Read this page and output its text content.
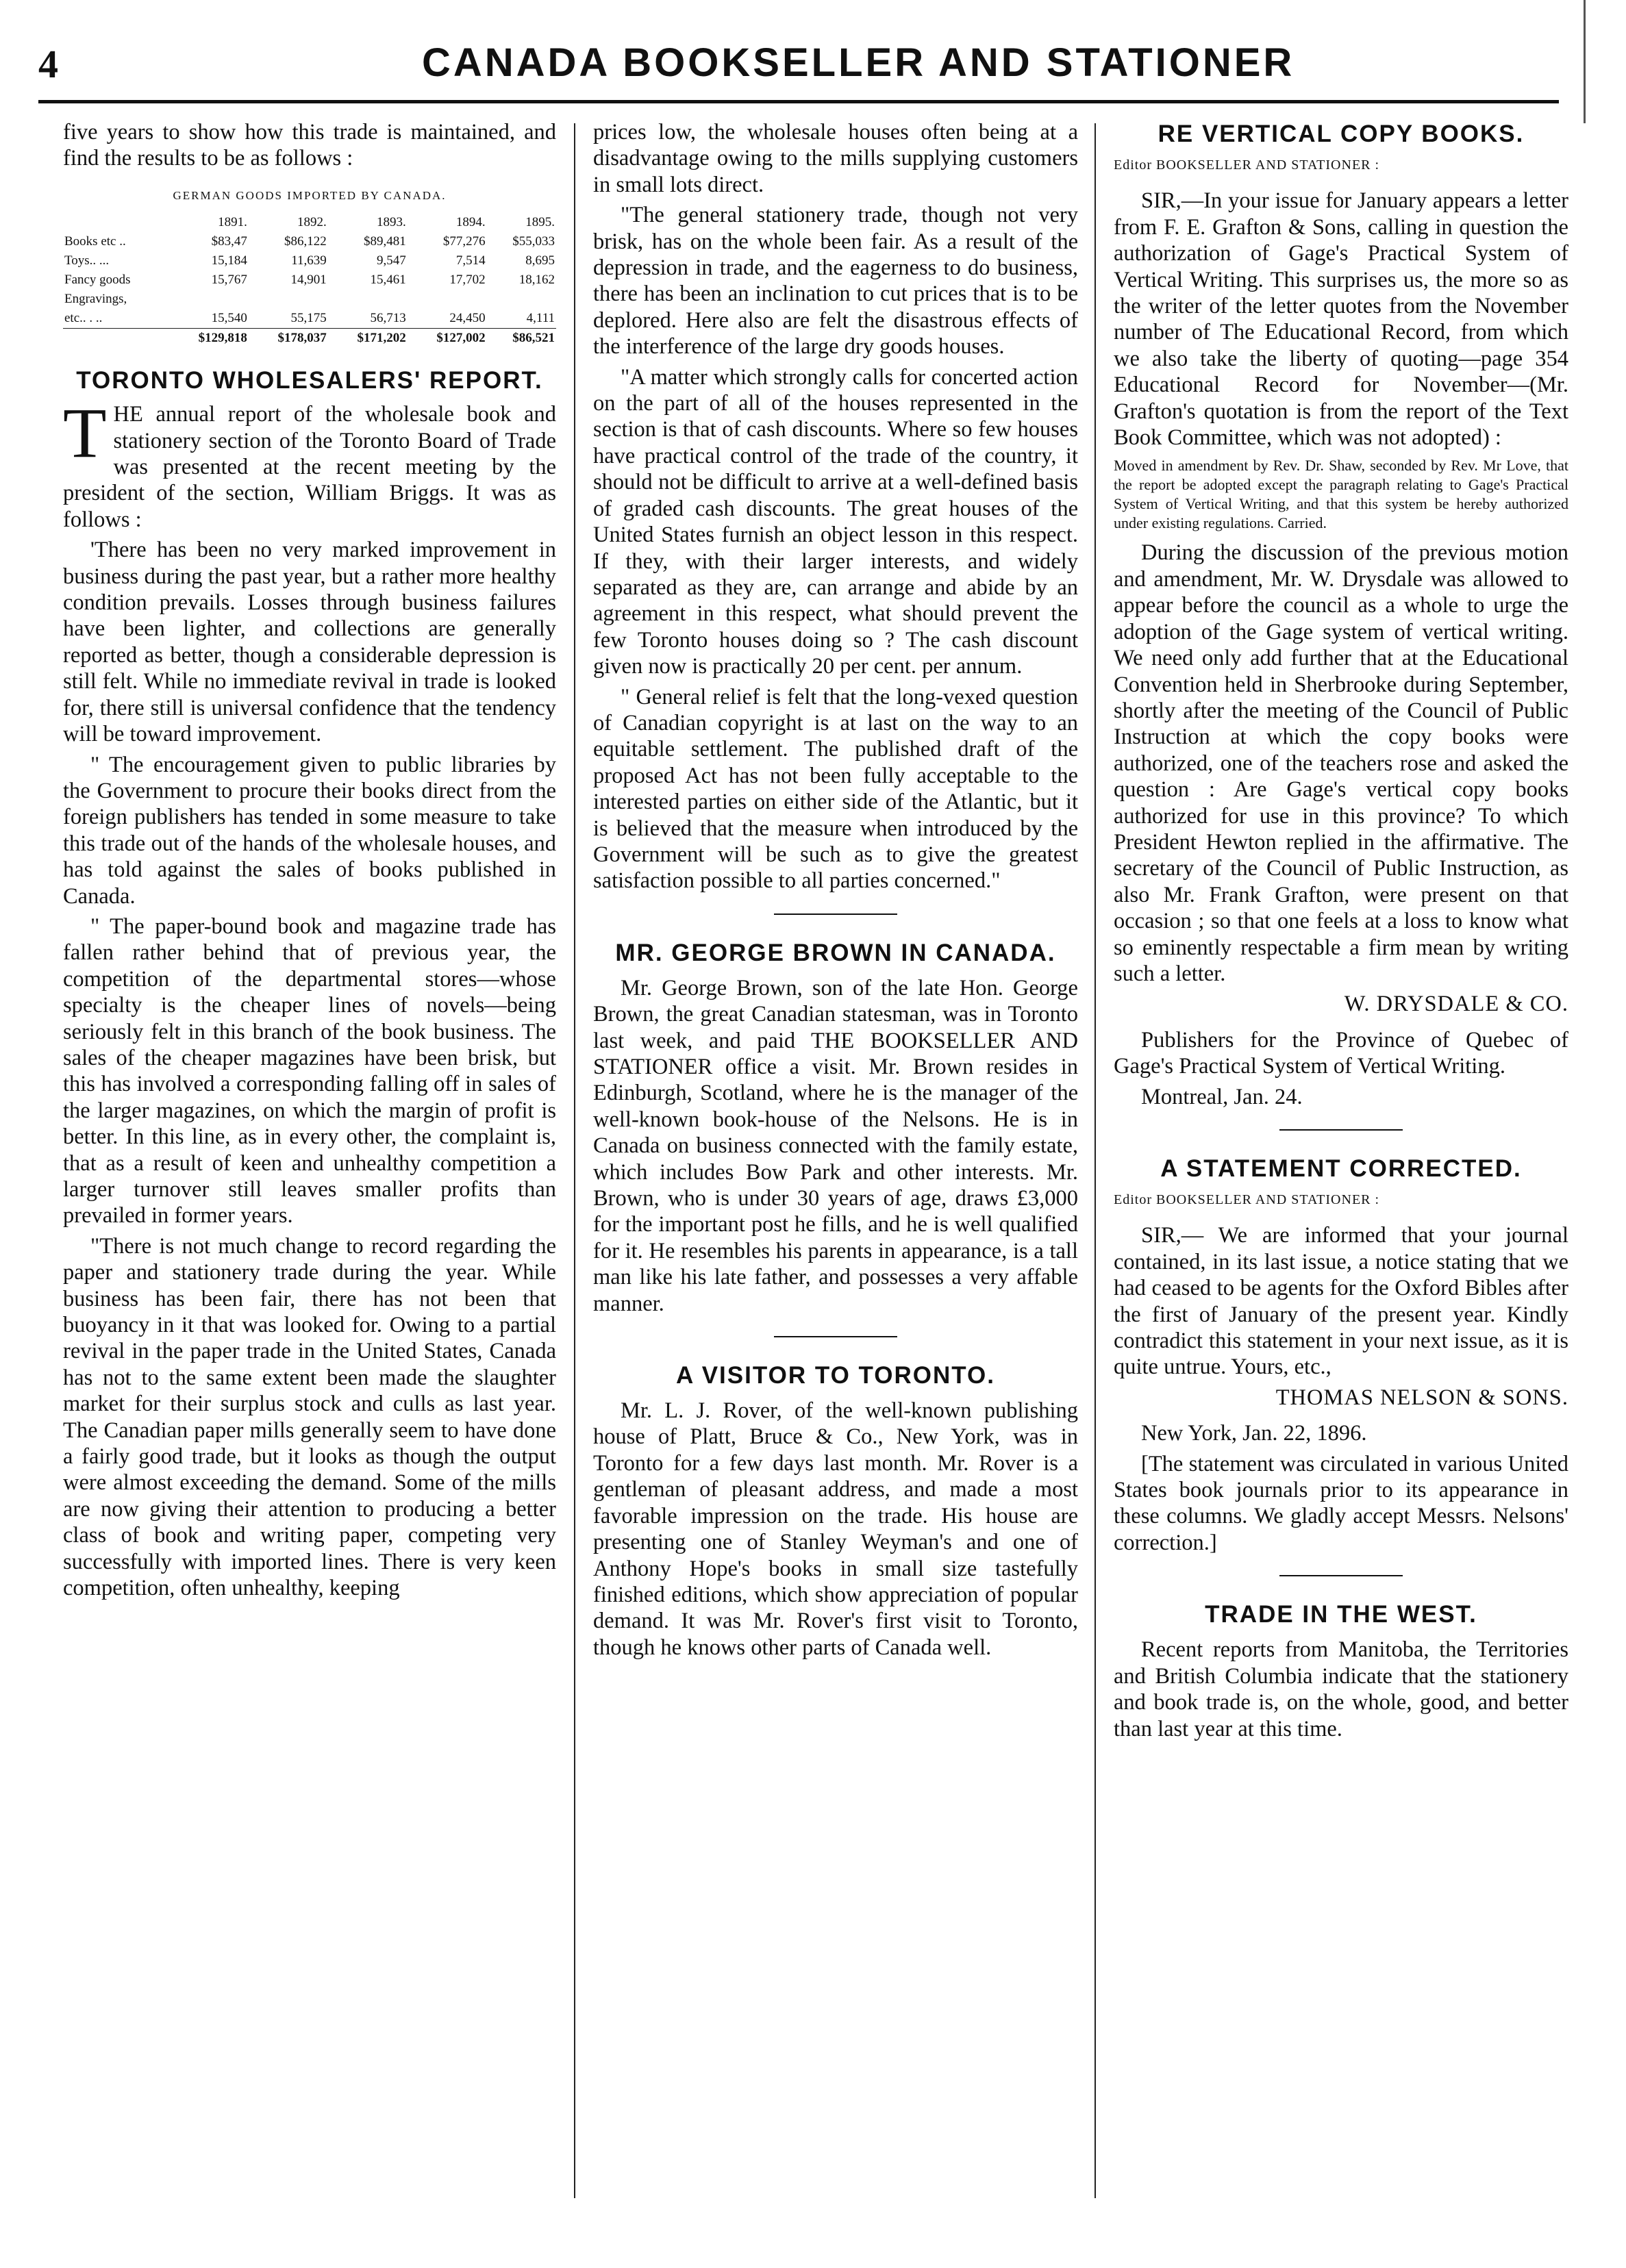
4	CANADA BOOKSELLER AND STATIONER

five years to show how this trade is maintained, and find the results to be as follows :

GERMAN GOODS IMPORTED BY CANADA.
	1891.	1892.	1893.	1894.	1895.
Books etc ..	$83,47	$86,122	$89,481	$77,276	$55,033
Toys.. ...	15,184	11,639	9,547	7,514	8,695
Fancy goods	15,767	14,901	15,461	17,702	18,162
Engravings,					
etc.. . ..	15,540	55,175	56,713	24,450	4,111
	$129,818	$178,037	$171,202	$127,002	$86,521
TORONTO WHOLESALERS' REPORT.

THE annual report of the wholesale book and stationery section of the Toronto Board of Trade was presented at the recent meeting by the president of the section, William Briggs. It was as follows :

'There has been no very marked improvement in business during the past year, but a rather more healthy condition prevails. Losses through business failures have been lighter, and collections are generally reported as better, though a considerable depression is still felt. While no immediate revival in trade is looked for, there still is universal confidence that the tendency will be toward improvement.

" The encouragement given to public libraries by the Government to procure their books direct from the foreign publishers has tended in some measure to take this trade out of the hands of the wholesale houses, and has told against the sales of books published in Canada.

" The paper-bound book and magazine trade has fallen rather behind that of previous year, the competition of the departmental stores—whose specialty is the cheaper lines of novels—being seriously felt in this branch of the book business. The sales of the cheaper magazines have been brisk, but this has involved a corresponding falling off in sales of the larger magazines, on which the margin of profit is better. In this line, as in every other, the complaint is, that as a result of keen and unhealthy competition a larger turnover still leaves smaller profits than prevailed in former years.

"There is not much change to record regarding the paper and stationery trade during the year. While business has been fair, there has not been that buoyancy in it that was looked for. Owing to a partial revival in the paper trade in the United States, Canada has not to the same extent been made the slaughter market for their surplus stock and culls as last year. The Canadian paper mills generally seem to have done a fairly good trade, but it looks as though the output were almost exceeding the demand. Some of the mills are now giving their attention to producing a better class of book and writing paper, competing very successfully with imported lines. There is very keen competition, often unhealthy, keeping

prices low, the wholesale houses often being at a disadvantage owing to the mills supplying customers in small lots direct.

"The general stationery trade, though not very brisk, has on the whole been fair. As a result of the depression in trade, and the eagerness to do business, there has been an inclination to cut prices that is to be deplored. Here also are felt the disastrous effects of the interference of the large dry goods houses.

"A matter which strongly calls for concerted action on the part of all of the houses represented in the section is that of cash discounts. Where so few houses have practical control of the trade of the country, it should not be difficult to arrive at a well-defined basis of graded cash discounts. The great houses of the United States furnish an object lesson in this respect. If they, with their larger interests, and widely separated as they are, can arrange and abide by an agreement in this respect, what should prevent the few Toronto houses doing so ? The cash discount given now is practically 20 per cent. per annum.

" General relief is felt that the long-vexed question of Canadian copyright is at last on the way to an equitable settlement. The published draft of the proposed Act has not been fully acceptable to the interested parties on either side of the Atlantic, but it is believed that the measure when introduced by the Government will be such as to give the greatest satisfaction possible to all parties concerned."

MR. GEORGE BROWN IN CANADA.

Mr. George Brown, son of the late Hon. George Brown, the great Canadian statesman, was in Toronto last week, and paid THE BOOKSELLER AND STATIONER office a visit. Mr. Brown resides in Edinburgh, Scotland, where he is the manager of the well-known book-house of the Nelsons. He is in Canada on business connected with the family estate, which includes Bow Park and other interests. Mr. Brown, who is under 30 years of age, draws £3,000 for the important post he fills, and he is well qualified for it. He resembles his parents in appearance, is a tall man like his late father, and possesses a very affable manner.

A VISITOR TO TORONTO.

Mr. L. J. Rover, of the well-known publishing house of Platt, Bruce & Co., New York, was in Toronto for a few days last month. Mr. Rover is a gentleman of pleasant address, and made a most favorable impression on the trade. His house are presenting one of Stanley Weyman's and one of Anthony Hope's books in small size tastefully finished editions, which show appreciation of popular demand. It was Mr. Rover's first visit to Toronto, though he knows other parts of Canada well.

RE VERTICAL COPY BOOKS.
Editor BOOKSELLER AND STATIONER :

SIR,—In your issue for January appears a letter from F. E. Grafton & Sons, calling in question the authorization of Gage's Practical System of Vertical Writing. This surprises us, the more so as the writer of the letter quotes from the November number of The Educational Record, from which we also take the liberty of quoting—page 354 Educational Record for November—(Mr. Grafton's quotation is from the report of the Text Book Committee, which was not adopted) :

Moved in amendment by Rev. Dr. Shaw, seconded by Rev. Mr Love, that the report be adopted except the paragraph relating to Gage's Practical System of Vertical Writing, and that this system be hereby authorized under existing regulations. Carried.

During the discussion of the previous motion and amendment, Mr. W. Drysdale was allowed to appear before the council as a whole to urge the adoption of the Gage system of vertical writing. We need only add further that at the Educational Convention held in Sherbrooke during September, shortly after the meeting of the Council of Public Instruction at which the copy books were authorized, one of the teachers rose and asked the question : Are Gage's vertical copy books authorized for use in this province? To which President Hewton replied in the affirmative. The secretary of the Council of Public Instruction, as also Mr. Frank Grafton, were present on that occasion ; so that one feels at a loss to know what so eminently respectable a firm mean by writing such a letter.

W. DRYSDALE & CO.

Publishers for the Province of Quebec of Gage's Practical System of Vertical Writing.

Montreal, Jan. 24.

A STATEMENT CORRECTED.
Editor BOOKSELLER AND STATIONER :

SIR,— We are informed that your journal contained, in its last issue, a notice stating that we had ceased to be agents for the Oxford Bibles after the first of January of the present year. Kindly contradict this statement in your next issue, as it is quite untrue. Yours, etc.,

THOMAS NELSON & SONS.

New York, Jan. 22, 1896.

[The statement was circulated in various United States book journals prior to its appearance in these columns. We gladly accept Messrs. Nelsons' correction.]

TRADE IN THE WEST.

Recent reports from Manitoba, the Territories and British Columbia indicate that the stationery and book trade is, on the whole, good, and better than last year at this time.
